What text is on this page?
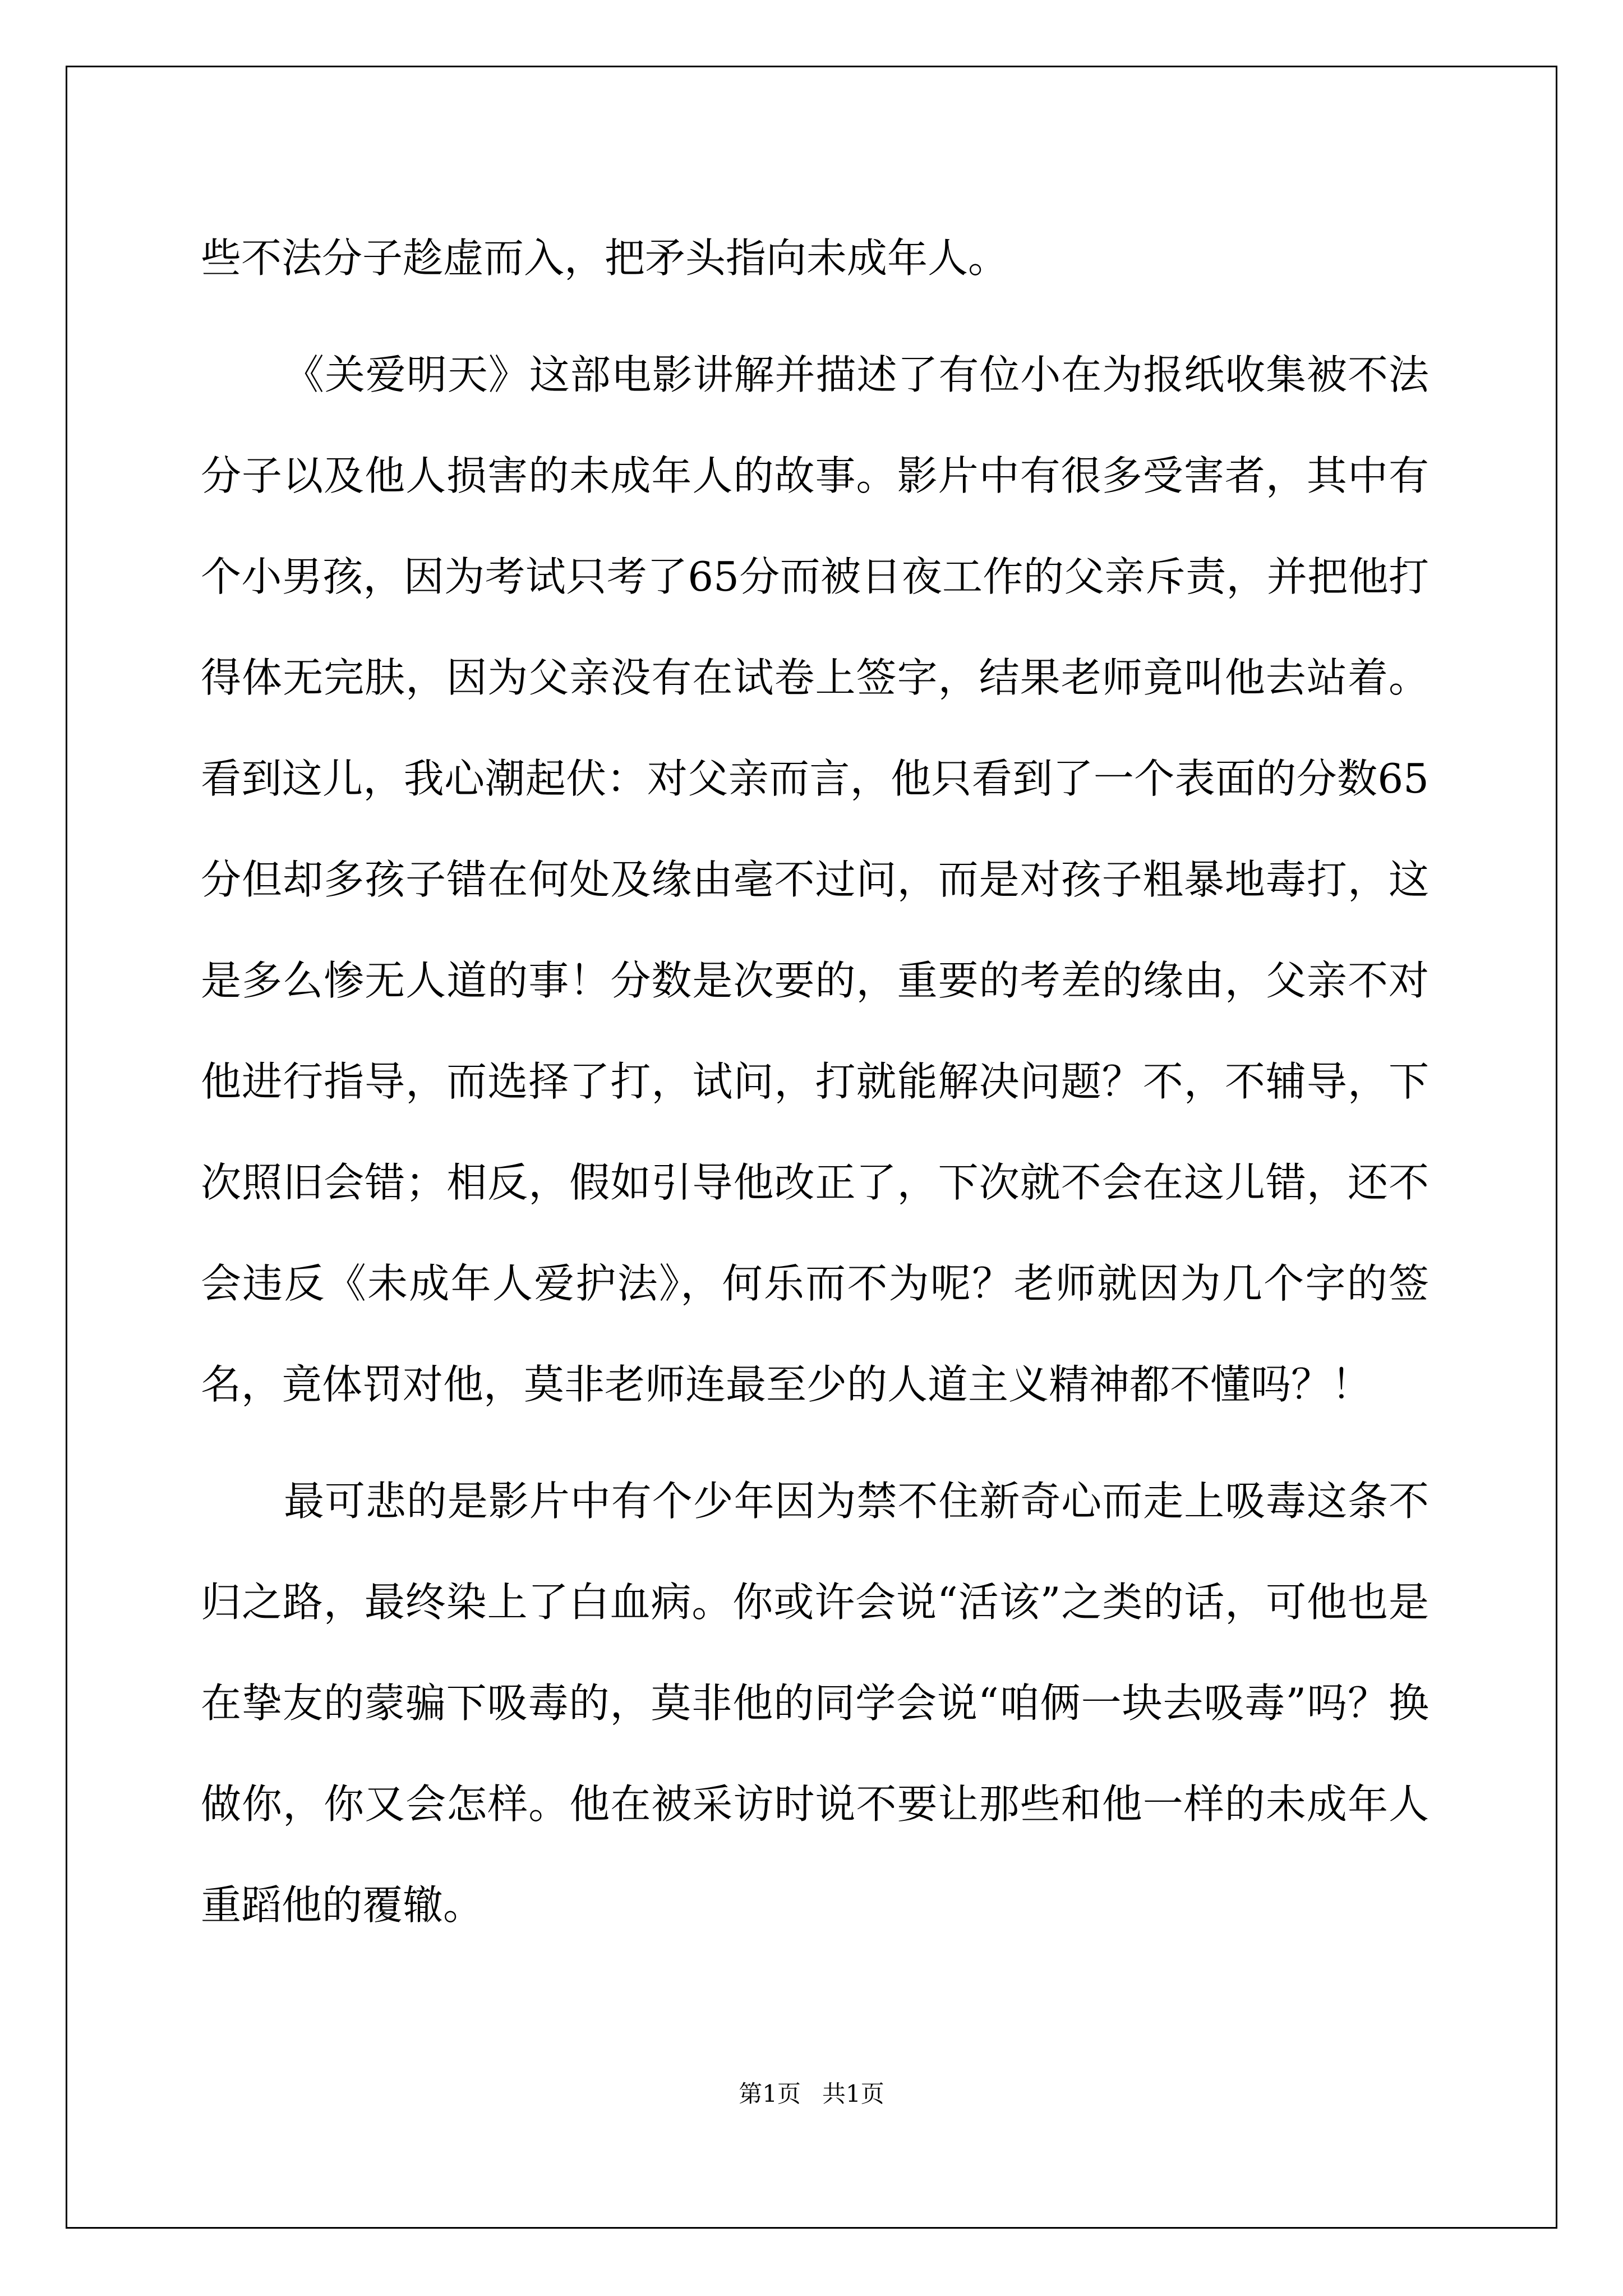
些不法分子趁虚而入，把矛头指向未成年人。

《关爱明天》这部电影讲解并描述了有位小在为报纸收集被不法分子以及他人损害的未成年人的故事。影片中有很多受害者，其中有个小男孩，因为考试只考了65分而被日夜工作的父亲斥责，并把他打得体无完肤，因为父亲没有在试卷上签字，结果老师竟叫他去站着。看到这儿，我心潮起伏：对父亲而言，他只看到了一个表面的分数65分但却多孩子错在何处及缘由毫不过问，而是对孩子粗暴地毒打，这是多么惨无人道的事！分数是次要的，重要的考差的缘由，父亲不对他进行指导，而选择了打，试问，打就能解决问题？不，不辅导，下次照旧会错；相反，假如引导他改正了，下次就不会在这儿错，还不会违反《未成年人爱护法》，何乐而不为呢？老师就因为几个字的签名，竟体罚对他，莫非老师连最至少的人道主义精神都不懂吗？！

最可悲的是影片中有个少年因为禁不住新奇心而走上吸毒这条不归之路，最终染上了白血病。你或许会说“活该”之类的话，可他也是在挚友的蒙骗下吸毒的，莫非他的同学会说“咱俩一块去吸毒”吗？换做你，你又会怎样。他在被采访时说不要让那些和他一样的未成年人重蹈他的覆辙。

第1页 共1页
